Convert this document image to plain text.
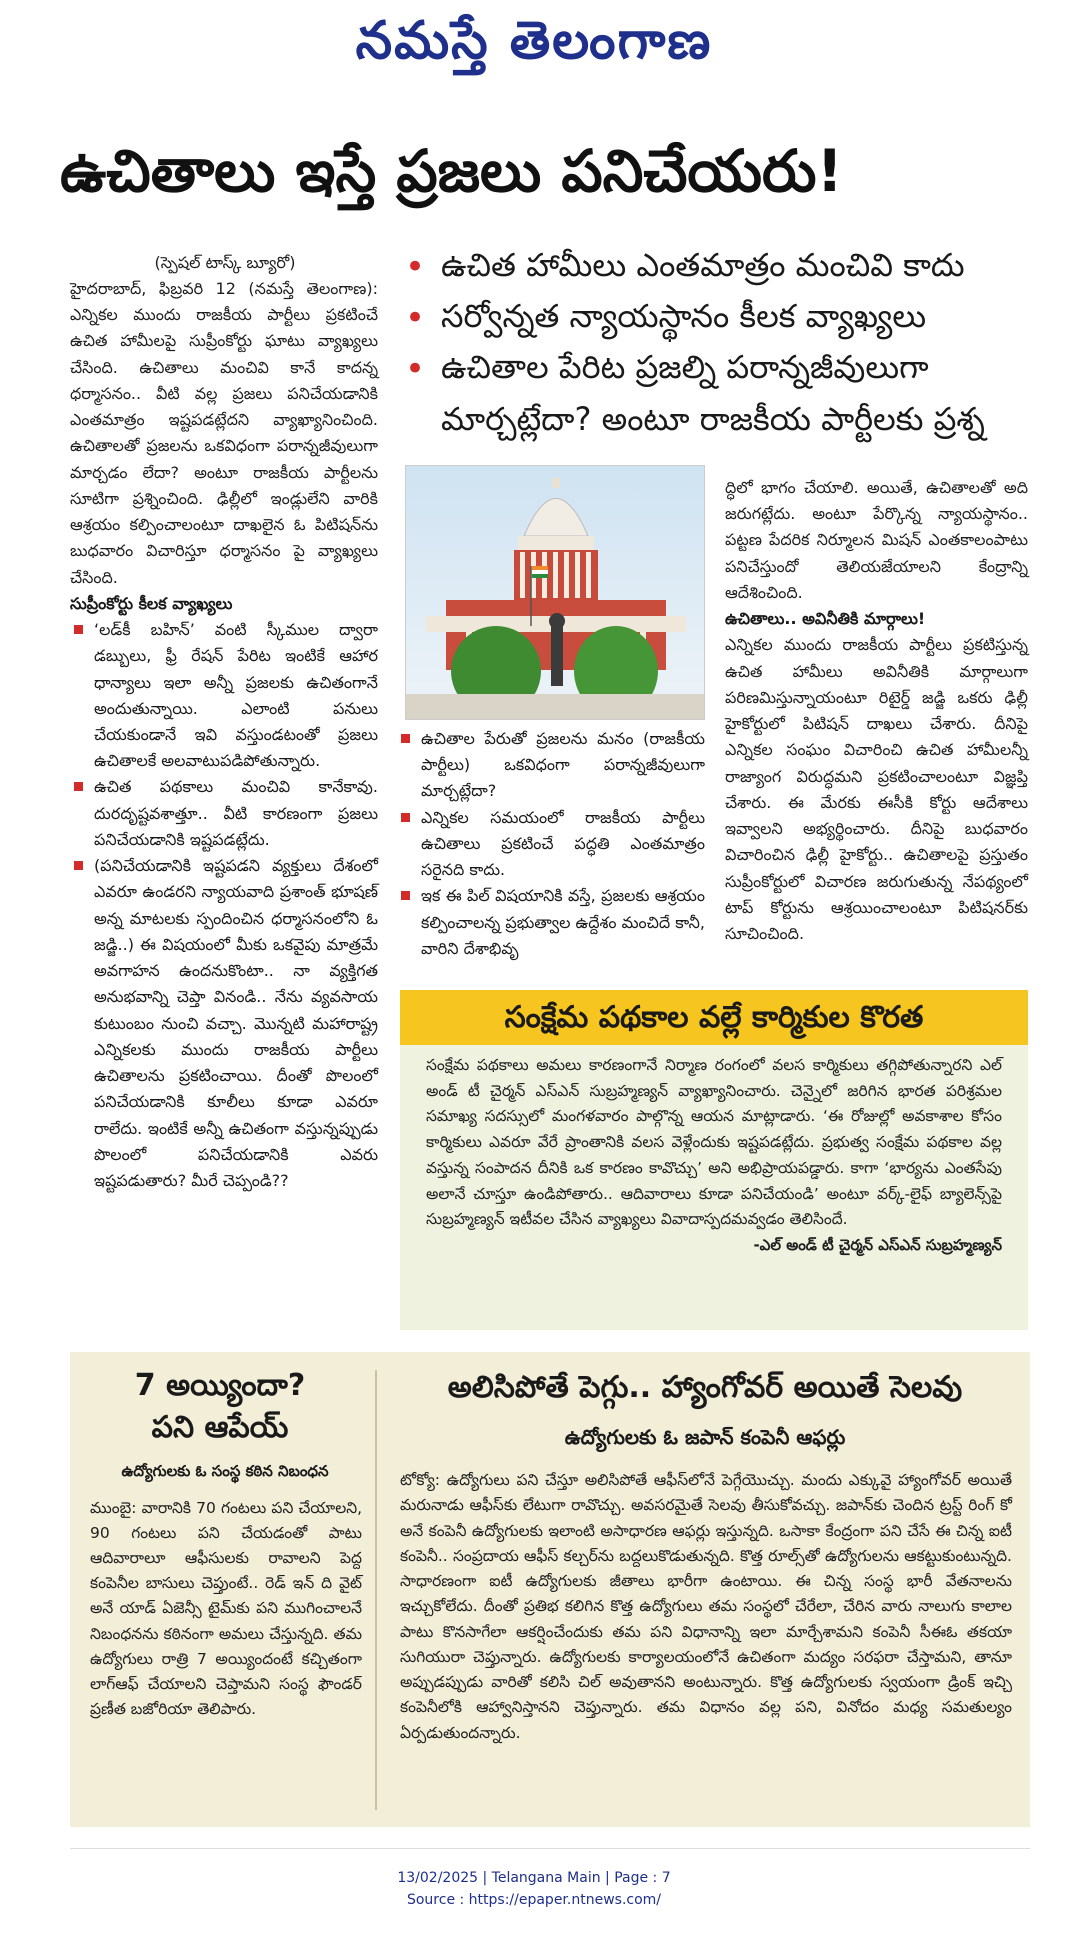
నమస్తే తెలంగాణ
ఉచితాలు ఇస్తే ప్రజలు పనిచేయరు!
(స్పెషల్ టాస్క్ బ్యూరో)

హైదరాబాద్, ఫిబ్రవరి 12 (నమస్తే తెలంగాణ): ఎన్నికల ముందు రాజకీయ పార్టీలు ప్రకటించే ఉచిత హామీలపై సుప్రీంకోర్టు ఘాటు వ్యాఖ్యలు చేసింది. ఉచితాలు మంచివి కానే కాదన్న ధర్మాసనం.. వీటి వల్ల ప్రజలు పనిచేయడానికి ఎంతమాత్రం ఇష్టపడట్లేదని వ్యాఖ్యానించింది. ఉచితాలతో ప్రజలను ఒకవిధంగా పరాన్నజీవులుగా మార్చడం లేదా? అంటూ రాజకీయ పార్టీలను సూటిగా ప్రశ్నించింది. ఢిల్లీలో ఇండ్లులేని వారికి ఆశ్రయం కల్పించాలంటూ దాఖలైన ఓ పిటిషన్‌ను బుధవారం విచారిస్తూ ధర్మాసనం పై వ్యాఖ్యలు చేసింది.

సుప్రీంకోర్టు కీలక వ్యాఖ్యలు
‘లడ్‌కీ బహిన్’ వంటి స్కీముల ద్వారా డబ్బులు, ఫ్రీ రేషన్ పేరిట ఇంటికే ఆహార ధాన్యాలు ఇలా అన్నీ ప్రజలకు ఉచితంగానే అందుతున్నాయి. ఎలాంటి పనులు చేయకుండానే ఇవి వస్తుండటంతో ప్రజలు ఉచితాలకే అలవాటుపడిపోతున్నారు.
ఉచిత పథకాలు మంచివి కానేకావు. దురదృష్టవశాత్తూ.. వీటి కారణంగా ప్రజలు పనిచేయడానికి ఇష్టపడట్లేదు.
(పనిచేయడానికి ఇష్టపడని వ్యక్తులు దేశంలో ఎవరూ ఉండరని న్యాయవాది ప్రశాంత్ భూషణ్ అన్న మాటలకు స్పందించిన ధర్మాసనంలోని ఓ జడ్జి..) ఈ విషయంలో మీకు ఒకవైపు మాత్రమే అవగాహన ఉందనుకొంటా.. నా వ్యక్తిగత అనుభవాన్ని చెప్తా వినండి.. నేను వ్యవసాయ కుటుంబం నుంచి వచ్చా. మొన్నటి మహారాష్ట్ర ఎన్నికలకు ముందు రాజకీయ పార్టీలు ఉచితాలను ప్రకటించాయి. దీంతో పొలంలో పనిచేయడానికి కూలీలు కూడా ఎవరూ రాలేదు. ఇంటికే అన్నీ ఉచితంగా వస్తున్నప్పుడు పొలంలో పనిచేయడానికి ఎవరు ఇష్టపడుతారు? మీరే చెప్పండి??
• ఉచిత హామీలు ఎంతమాత్రం మంచివి కాదు
• సర్వోన్నత న్యాయస్థానం కీలక వ్యాఖ్యలు
• ఉచితాల పేరిట ప్రజల్ని పరాన్నజీవులుగా మార్చట్లేదా? అంటూ రాజకీయ పార్టీలకు ప్రశ్న
ఉచితాల పేరుతో ప్రజలను మనం (రాజకీయ పార్టీలు) ఒకవిధంగా పరాన్నజీవులుగా మార్చట్లేదా?
ఎన్నికల సమయంలో రాజకీయ పార్టీలు ఉచితాలు ప్రకటించే పద్ధతి ఎంతమాత్రం సరైనది కాదు.
ఇక ఈ పిల్ విషయానికి వస్తే, ప్రజలకు ఆశ్రయం కల్పించాలన్న ప్రభుత్వాల ఉద్దేశం మంచిదే కానీ, వారిని దేశాభివృ

ద్ధిలో భాగం చేయాలి. అయితే, ఉచితాలతో అది జరుగట్లేదు. అంటూ పేర్కొన్న న్యాయస్థానం.. పట్టణ పేదరిక నిర్మూలన మిషన్ ఎంతకాలంపాటు పనిచేస్తుందో తెలియజేయాలని కేంద్రాన్ని ఆదేశించింది.

ఉచితాలు.. అవినీతికి మార్గాలు!

ఎన్నికల ముందు రాజకీయ పార్టీలు ప్రకటిస్తున్న ఉచిత హామీలు అవినీతికి మార్గాలుగా పరిణమిస్తున్నాయంటూ రిటైర్డ్ జడ్జి ఒకరు ఢిల్లీ హైకోర్టులో పిటిషన్ దాఖలు చేశారు. దీనిపై ఎన్నికల సంఘం విచారించి ఉచిత హామీలన్నీ రాజ్యాంగ విరుద్ధమని ప్రకటించాలంటూ విజ్ఞప్తి చేశారు. ఈ మేరకు ఈసీకి కోర్టు ఆదేశాలు ఇవ్వాలని అభ్యర్థించారు. దీనిపై బుధవారం విచారించిన ఢిల్లీ హైకోర్టు.. ఉచితాలపై ప్రస్తుతం సుప్రీంకోర్టులో విచారణ జరుగుతున్న నేపథ్యంలో టాప్ కోర్టును ఆశ్రయించాలంటూ పిటిషనర్‌కు సూచించింది.

సంక్షేమ పథకాల వల్లే కార్మికుల కొరత

సంక్షేమ పథకాలు అమలు కారణంగానే నిర్మాణ రంగంలో వలస కార్మికులు తగ్గిపోతున్నారని ఎల్ అండ్ టీ చైర్మన్ ఎస్ఎన్ సుబ్రహ్మణ్యన్ వ్యాఖ్యానించారు. చెన్నైలో జరిగిన భారత పరిశ్రమల సమాఖ్య సదస్సులో మంగళవారం పాల్గొన్న ఆయన మాట్లాడారు. ‘ఈ రోజుల్లో అవకాశాల కోసం కార్మికులు ఎవరూ వేరే ప్రాంతానికి వలస వెళ్లేందుకు ఇష్టపడట్లేదు. ప్రభుత్వ సంక్షేమ పథకాల వల్ల వస్తున్న సంపాదన దీనికి ఒక కారణం కావొచ్చు’ అని అభిప్రాయపడ్డారు. కాగా ‘భార్యను ఎంతసేపు అలానే చూస్తూ ఉండిపోతారు.. ఆదివారాలు కూడా పనిచేయండి’ అంటూ వర్క్-లైఫ్ బ్యాలెన్స్‌పై సుబ్రహ్మణ్యన్ ఇటీవల చేసిన వ్యాఖ్యలు వివాదాస్పదమవ్వడం తెలిసిందే.

-ఎల్ అండ్ టీ చైర్మన్ ఎస్ఎన్ సుబ్రహ్మణ్యన్
7 అయ్యిందా?
పని ఆపేయ్
ఉద్యోగులకు ఓ సంస్థ కఠిన నిబంధన

ముంబై: వారానికి 70 గంటలు పని చేయాలని, 90 గంటలు పని చేయడంతో పాటు ఆదివారాలూ ఆఫీసులకు రావాలని పెద్ద కంపెనీల బాసులు చెప్తుంటే.. రెడ్ ఇన్ ది వైట్ అనే యాడ్ ఏజెన్సీ టైమ్‌కు పని ముగించాలనే నిబంధనను కఠినంగా అమలు చేస్తున్నది. తమ ఉద్యోగులు రాత్రి 7 అయ్యిందంటే కచ్చితంగా లాగ్‌ఆఫ్ చేయాలని చెప్తామని సంస్థ ఫౌండర్ ప్రణీత బజోరియా తెలిపారు.

అలిసిపోతే పెగ్గు.. హ్యాంగోవర్ అయితే సెలవు
ఉద్యోగులకు ఓ జపాన్ కంపెనీ ఆఫర్లు

టోక్యో: ఉద్యోగులు పని చేస్తూ అలిసిపోతే ఆఫీస్‌లోనే పెగ్గేయొచ్చు. మందు ఎక్కువై హ్యాంగోవర్ అయితే మరునాడు ఆఫీస్‌కు లేటుగా రావొచ్చు. అవసరమైతే సెలవు తీసుకోవచ్చు. జపాన్‌కు చెందిన ట్రస్ట్ రింగ్ కో అనే కంపెనీ ఉద్యోగులకు ఇలాంటి అసాధారణ ఆఫర్లు ఇస్తున్నది. ఒసాకా కేంద్రంగా పని చేసే ఈ చిన్న ఐటీ కంపెనీ.. సంప్రదాయ ఆఫీస్ కల్చర్‌ను బద్దలుకొడుతున్నది. కొత్త రూల్స్‌తో ఉద్యోగులను ఆకట్టుకుంటున్నది. సాధారణంగా ఐటీ ఉద్యోగులకు జీతాలు భారీగా ఉంటాయి. ఈ చిన్న సంస్థ భారీ వేతనాలను ఇచ్చుకోలేదు. దీంతో ప్రతిభ కలిగిన కొత్త ఉద్యోగులు తమ సంస్థలో చేరేలా, చేరిన వారు నాలుగు కాలాల పాటు కొనసాగేలా ఆకర్షించేందుకు తమ పని విధానాన్ని ఇలా మార్చేశామని కంపెనీ సీఈఓ తకయా సుగియురా చెప్తున్నారు. ఉద్యోగులకు కార్యాలయంలోనే ఉచితంగా మద్యం సరఫరా చేస్తామని, తానూ అప్పుడప్పుడు వారితో కలిసి చిల్ అవుతానని అంటున్నారు. కొత్త ఉద్యోగులకు స్వయంగా డ్రింక్ ఇచ్చి కంపెనీలోకి ఆహ్వానిస్తానని చెప్తున్నారు. తమ విధానం వల్ల పని, వినోదం మధ్య సమతుల్యం ఏర్పడుతుందన్నారు.

13/02/2025 | Telangana Main | Page : 7
Source : https://epaper.ntnews.com/
